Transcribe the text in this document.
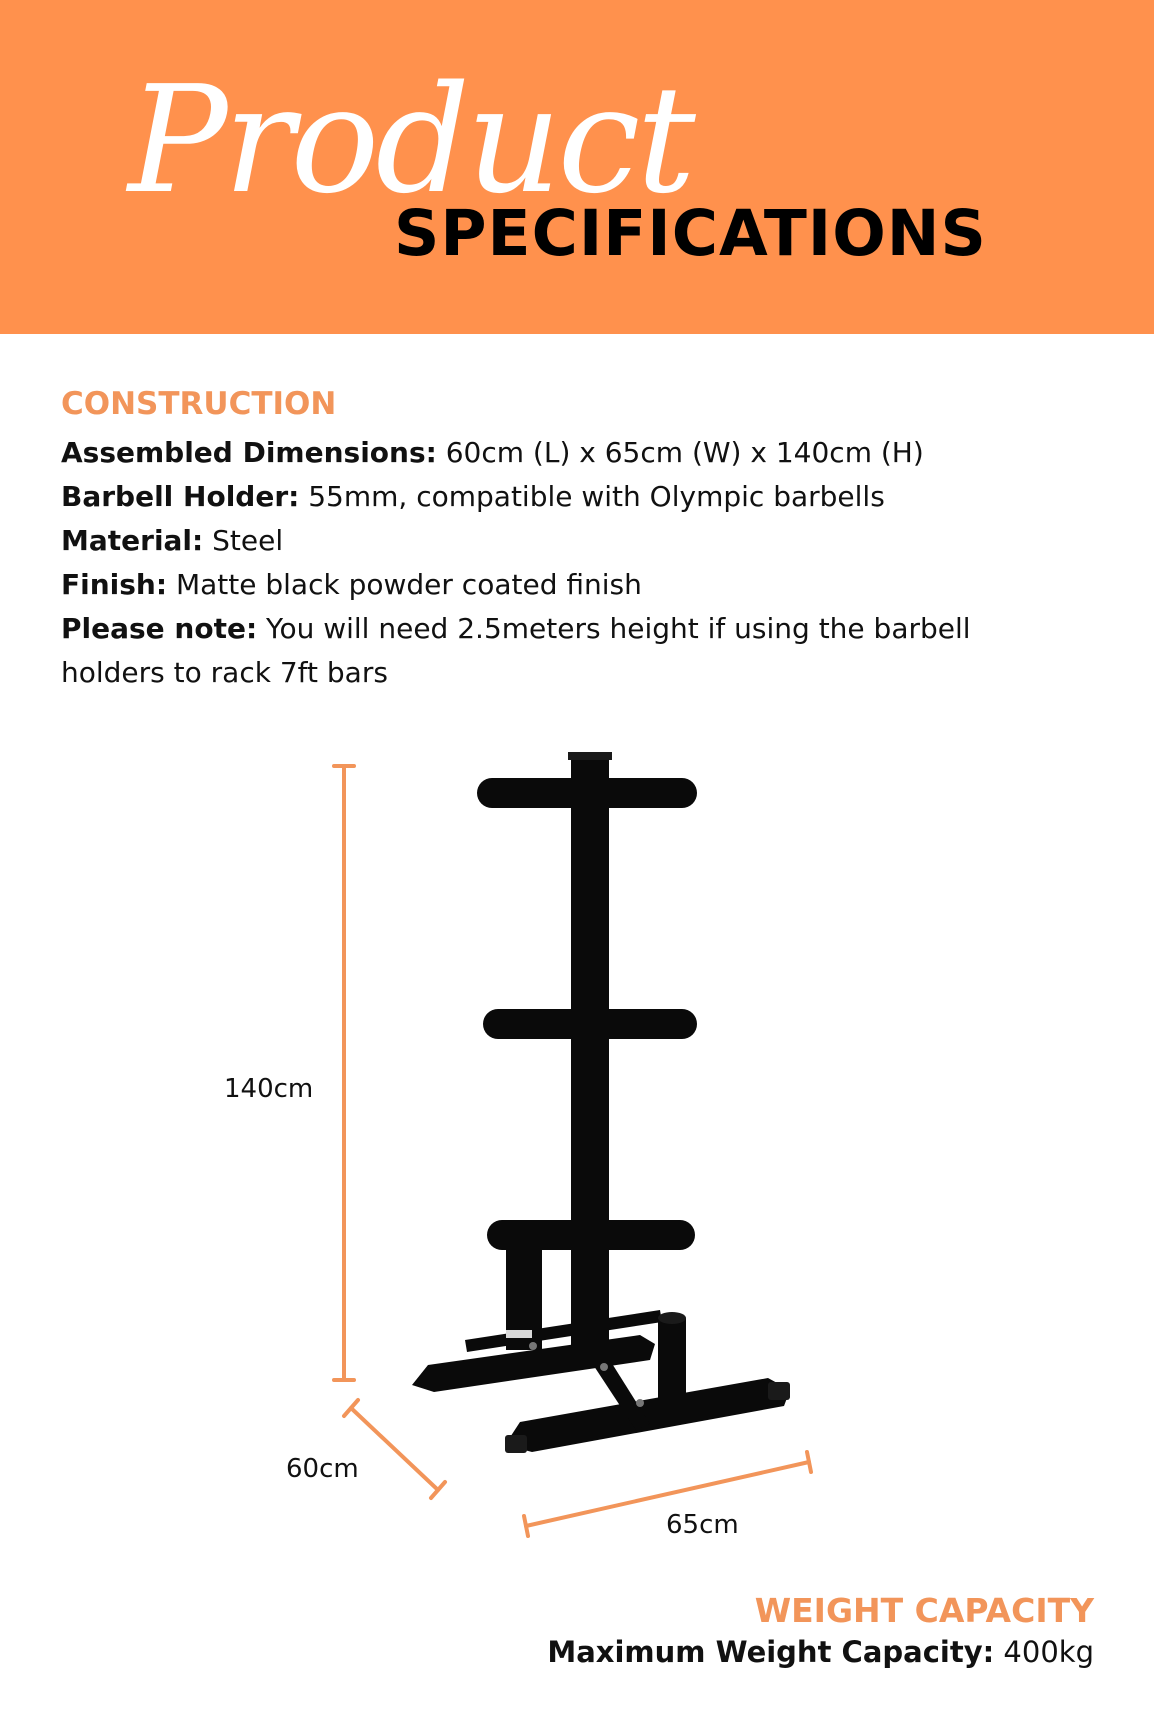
Product
SPECIFICATIONS
CONSTRUCTION
Assembled Dimensions: 60cm (L) x 65cm (W) x 140cm (H)
Barbell Holder: 55mm, compatible with Olympic barbells
Material: Steel
Finish: Matte black powder coated finish
Please note: You will need 2.5meters height if using the barbell holders to rack 7ft bars
140cm
60cm
65cm
WEIGHT CAPACITY
Maximum Weight Capacity: 400kg
